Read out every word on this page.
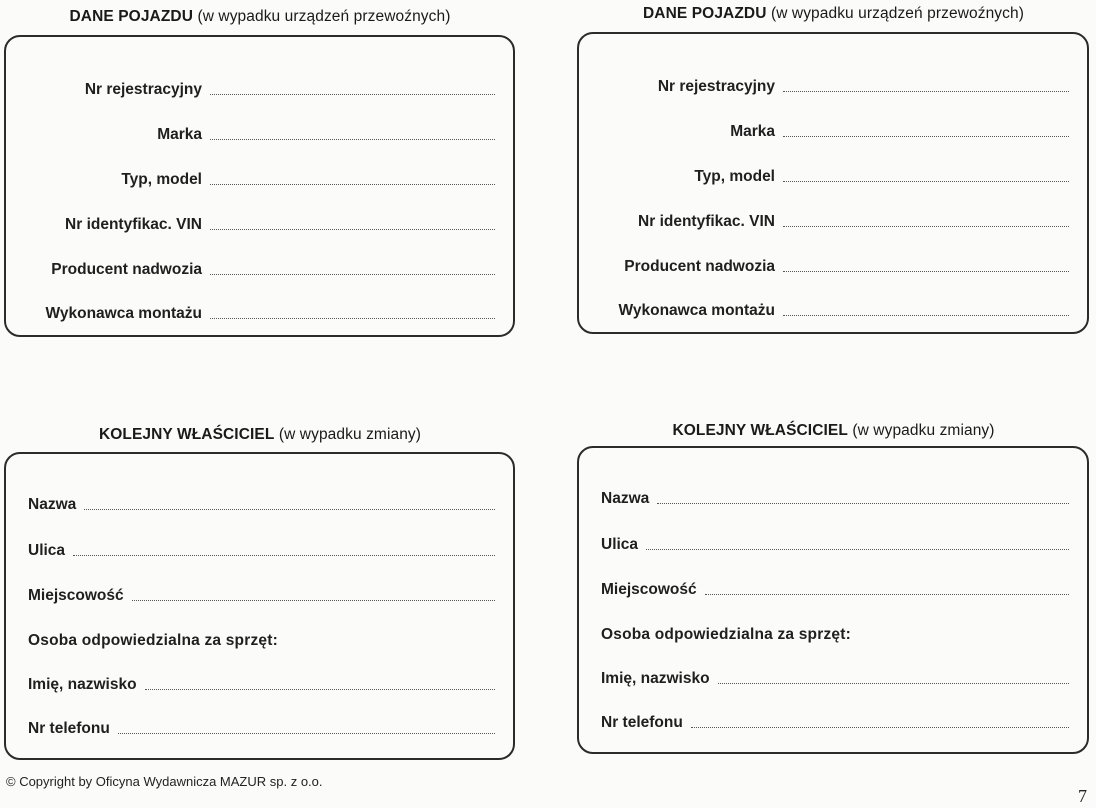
DANE POJAZDU (w wypadku urządzeń przewoźnych)
Nr rejestracyjny
Marka
Typ, model
Nr identyfikac. VIN
Producent nadwozia
Wykonawca montażu
DANE POJAZDU (w wypadku urządzeń przewoźnych)
Nr rejestracyjny
Marka
Typ, model
Nr identyfikac. VIN
Producent nadwozia
Wykonawca montażu
KOLEJNY WŁAŚCICIEL (w wypadku zmiany)
Nazwa
Ulica
Miejscowość
Osoba odpowiedzialna za sprzęt:
Imię, nazwisko
Nr telefonu
KOLEJNY WŁAŚCICIEL (w wypadku zmiany)
Nazwa
Ulica
Miejscowość
Osoba odpowiedzialna za sprzęt:
Imię, nazwisko
Nr telefonu
© Copyright by Oficyna Wydawnicza MAZUR sp. z o.o.
7
